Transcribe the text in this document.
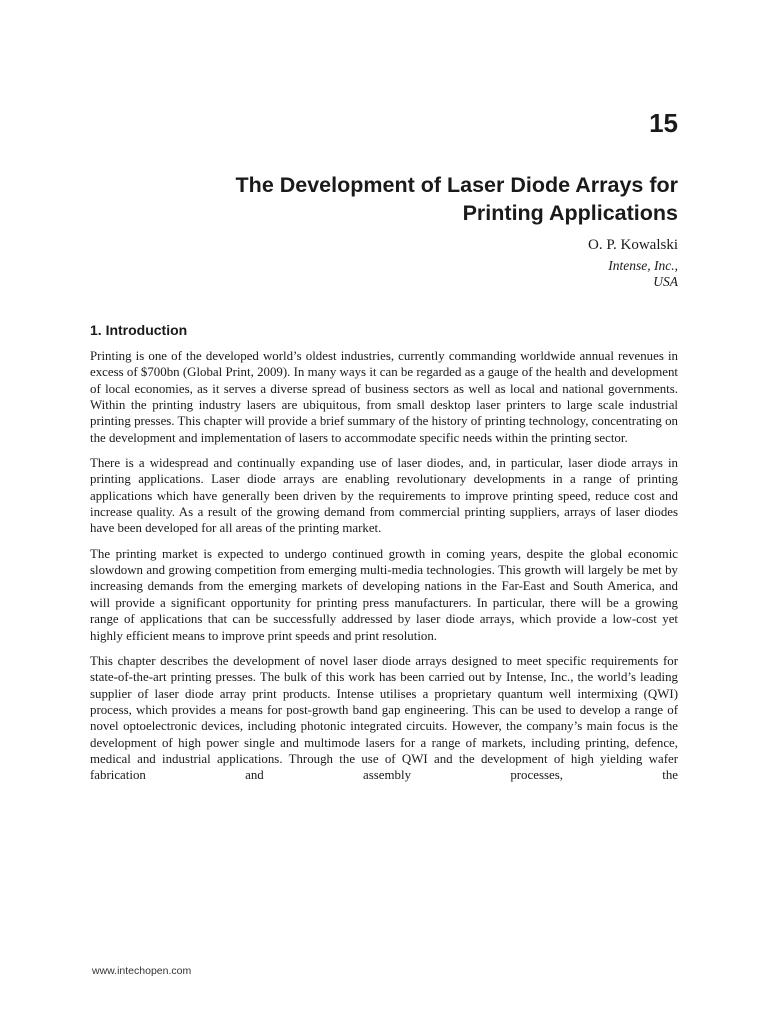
15
The Development of Laser Diode Arrays for
Printing Applications
O. P. Kowalski
Intense, Inc.,
USA
1. Introduction

Printing is one of the developed world’s oldest industries, currently commanding worldwide annual revenues in excess of $700bn (Global Print, 2009). In many ways it can be regarded as a gauge of the health and development of local economies, as it serves a diverse spread of business sectors as well as local and national governments. Within the printing industry lasers are ubiquitous, from small desktop laser printers to large scale industrial printing presses. This chapter will provide a brief summary of the history of printing technology, concentrating on the development and implementation of lasers to accommodate specific needs within the printing sector.

There is a widespread and continually expanding use of laser diodes, and, in particular, laser diode arrays in printing applications. Laser diode arrays are enabling revolutionary developments in a range of printing applications which have generally been driven by the requirements to improve printing speed, reduce cost and increase quality. As a result of the growing demand from commercial printing suppliers, arrays of laser diodes have been developed for all areas of the printing market.

The printing market is expected to undergo continued growth in coming years, despite the global economic slowdown and growing competition from emerging multi-media technologies. This growth will largely be met by increasing demands from the emerging markets of developing nations in the Far-East and South America, and will provide a significant opportunity for printing press manufacturers. In particular, there will be a growing range of applications that can be successfully addressed by laser diode arrays, which provide a low-cost yet highly efficient means to improve print speeds and print resolution.

This chapter describes the development of novel laser diode arrays designed to meet specific requirements for state-of-the-art printing presses. The bulk of this work has been carried out by Intense, Inc., the world’s leading supplier of laser diode array print products. Intense utilises a proprietary quantum well intermixing (QWI) process, which provides a means for post-growth band gap engineering. This can be used to develop a range of novel optoelectronic devices, including photonic integrated circuits. However, the company’s main focus is the development of high power single and multimode lasers for a range of markets, including printing, defence, medical and industrial applications. Through the use of QWI and the development of high yielding wafer fabrication and assembly processes, the

www.intechopen.com
